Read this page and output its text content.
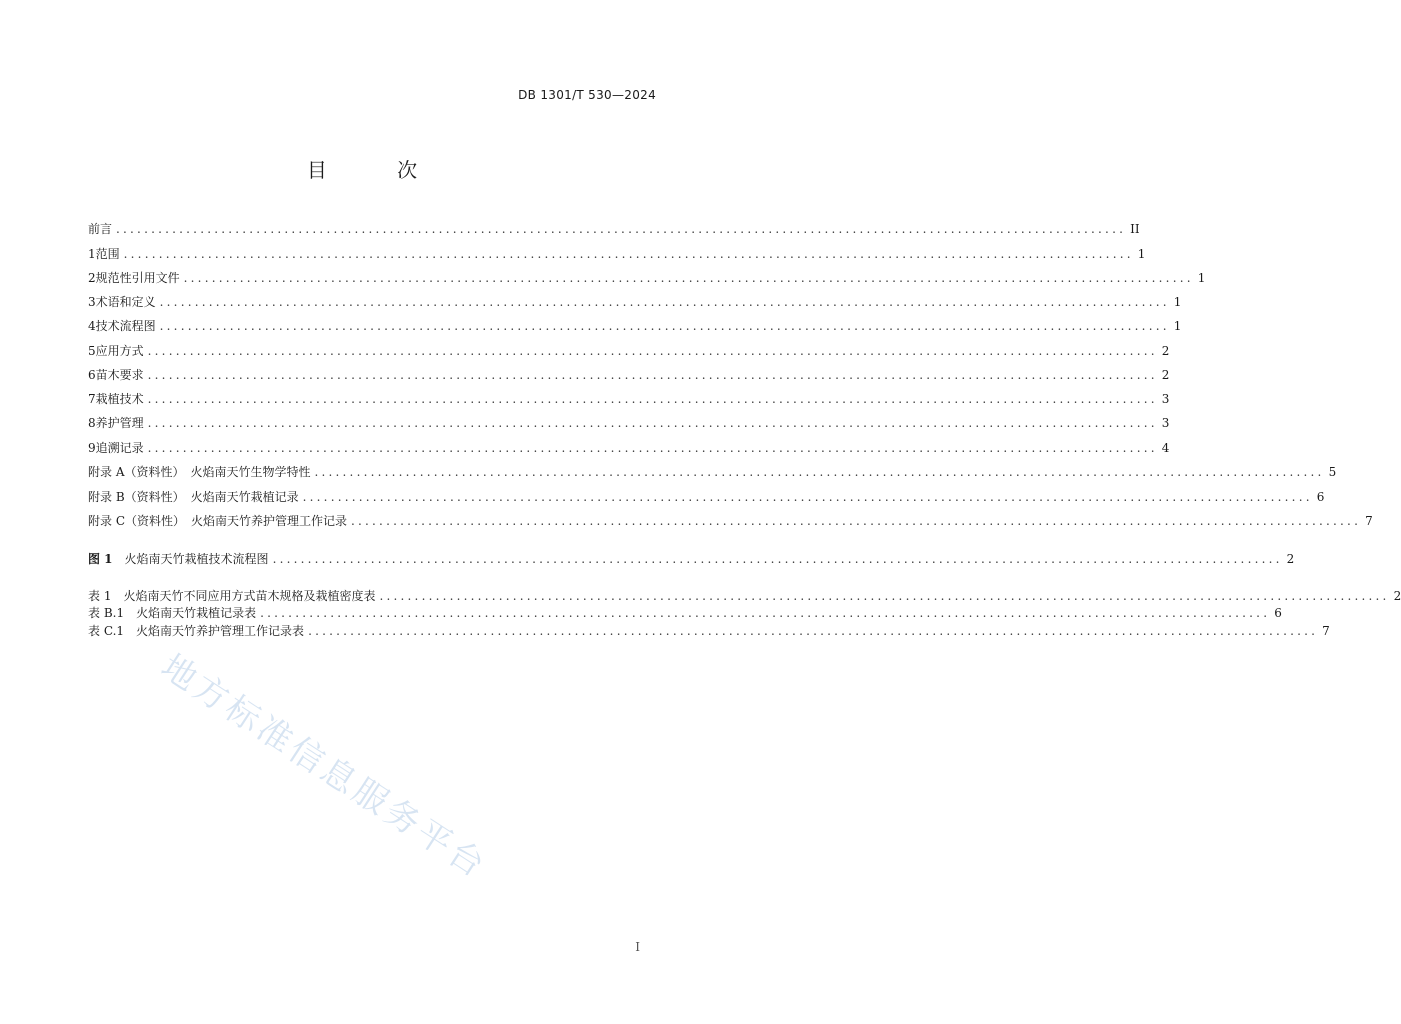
DB 1301/T 530—2024
目 次
前言 ................................................................................................................................................ II
1 范围 ................................................................................................................................................ 1
2 规范性引用文件 ................................................................................................................................................ 1
3 术语和定义 ................................................................................................................................................ 1
4 技术流程图 ................................................................................................................................................ 1
5 应用方式 ................................................................................................................................................ 2
6 苗木要求 ................................................................................................................................................ 2
7 栽植技术 ................................................................................................................................................ 3
8 养护管理 ................................................................................................................................................ 3
9 追溯记录 ................................................................................................................................................ 4
附录 A（资料性）　火焰南天竹生物学特性 ................................................................................................................................................ 5
附录 B（资料性）　火焰南天竹栽植记录 ................................................................................................................................................ 6
附录 C（资料性）　火焰南天竹养护管理工作记录 ................................................................................................................................................ 7
图 1　 火焰南天竹栽植技术流程图 ................................................................................................................................................ 2
表 1　 火焰南天竹不同应用方式苗木规格及栽植密度表 ................................................................................................................................................ 2
表 B.1　 火焰南天竹栽植记录表 ................................................................................................................................................ 6
表 C.1　 火焰南天竹养护管理工作记录表 ................................................................................................................................................ 7
地方标准信息服务平台
I
